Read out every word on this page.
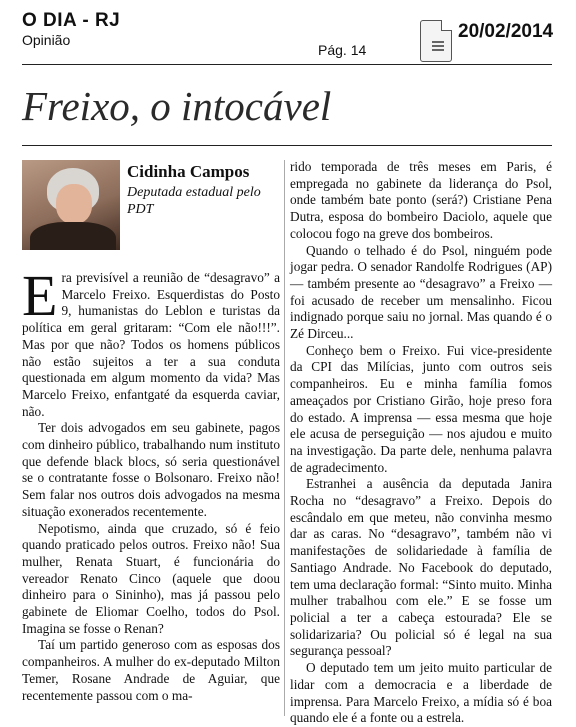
O DIA - RJ
Opinião
Pág. 14
20/02/2014
Freixo, o intocável
Cidinha Campos
Deputada estadual pelo PDT

Era previsível a reunião de “desagravo” a Marcelo Freixo. Esquerdistas do Posto 9, humanistas do Leblon e turistas da política em geral gritaram: “Com ele não!!!”. Mas por que não? Todos os homens públicos não estão sujeitos a ter a sua conduta questionada em algum momento da vida? Mas Marcelo Freixo, enfantgaté da esquerda caviar, não.

Ter dois advogados em seu gabinete, pagos com dinheiro público, trabalhando num instituto que defende black blocs, só seria questionável se o contratante fosse o Bolsonaro. Freixo não! Sem falar nos outros dois advogados na mesma situação exonerados recentemente.

Nepotismo, ainda que cruzado, só é feio quando praticado pelos outros. Freixo não! Sua mulher, Renata Stuart, é funcionária do vereador Renato Cinco (aquele que doou dinheiro para o Sininho), mas já passou pelo gabinete de Eliomar Coelho, todos do Psol. Imagina se fosse o Renan?

Taí um partido generoso com as esposas dos companheiros. A mulher do ex-deputado Milton Temer, Rosane Andrade de Aguiar, que recentemente passou com o ma-

rido temporada de três meses em Paris, é empregada no gabinete da liderança do Psol, onde também bate ponto (será?) Cristiane Pena Dutra, esposa do bombeiro Daciolo, aquele que colocou fogo na greve dos bombeiros.

Quando o telhado é do Psol, ninguém pode jogar pedra. O senador Randolfe Rodrigues (AP) — também presente ao “desagravo” a Freixo — foi acusado de receber um mensalinho. Ficou indignado porque saiu no jornal. Mas quando é o Zé Dirceu...

Conheço bem o Freixo. Fui vice-presidente da CPI das Milícias, junto com outros seis companheiros. Eu e minha família fomos ameaçados por Cristiano Girão, hoje preso fora do estado. A imprensa — essa mesma que hoje ele acusa de perseguição — nos ajudou e muito na investigação. Da parte dele, nenhuma palavra de agradecimento.

Estranhei a ausência da deputada Janira Rocha no “desagravo” a Freixo. Depois do escândalo em que meteu, não convinha mesmo dar as caras. No “desagravo”, também não vi manifestações de solidariedade à família de Santiago Andrade. No Facebook do deputado, tem uma declaração formal: “Sinto muito. Minha mulher trabalhou com ele.” E se fosse um policial a ter a cabeça estourada? Ele se solidarizaria? Ou policial só é legal na sua segurança pessoal?

O deputado tem um jeito muito particular de lidar com a democracia e a liberdade de imprensa. Para Marcelo Freixo, a mídia só é boa quando ele é a fonte ou a estrela.
